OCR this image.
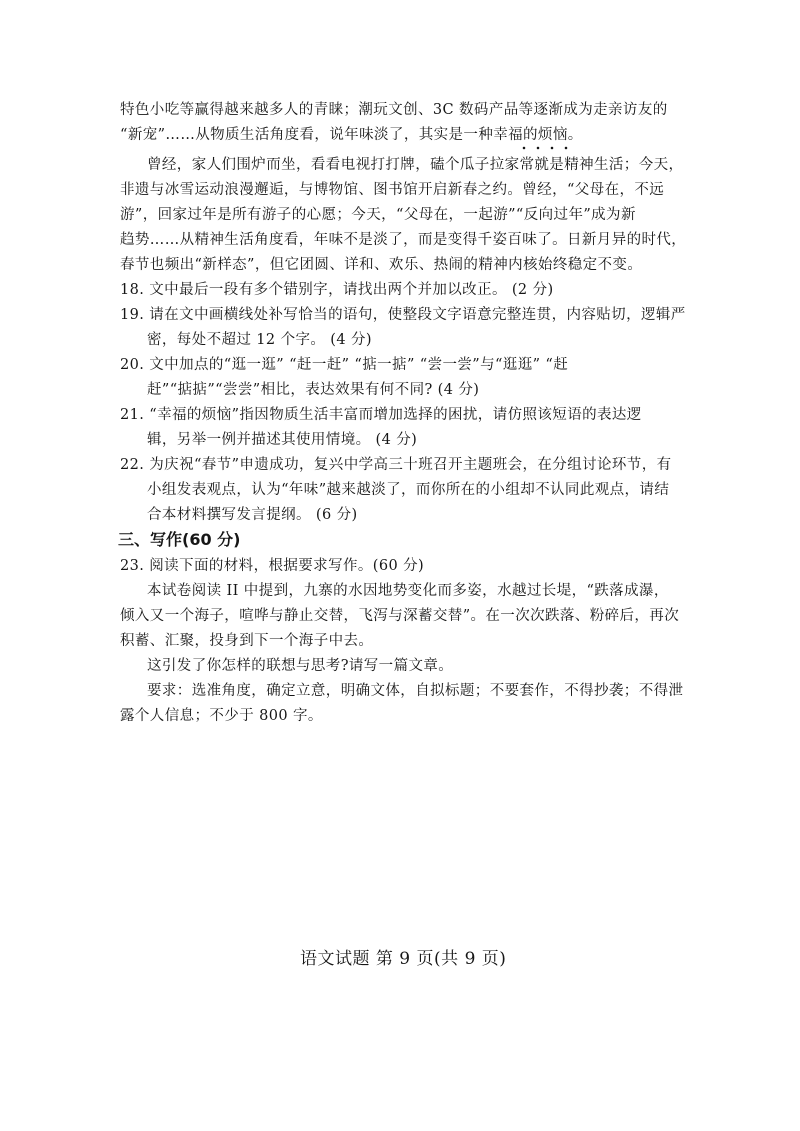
特色小吃等赢得越来越多人的青睐；潮玩文创、3C 数码产品等逐渐成为走亲访友的
“新宠”……从物质生活角度看，说年味淡了，其实是一种幸福的烦恼。
曾经，家人们围炉而坐，看看电视打打牌，磕个瓜子拉家常就是精神生活；今天，
非遗与冰雪运动浪漫邂逅，与博物馆、图书馆开启新春之约。曾经，“父母在，不远
游”，回家过年是所有游子的心愿；今天，“父母在，一起游”“反向过年”成为新
趋势……从精神生活角度看，年味不是淡了，而是变得千姿百味了。日新月异的时代，
春节也频出“新样态”，但它团圆、详和、欢乐、热闹的精神内核始终稳定不变。
18. 文中最后一段有多个错别字，请找出两个并加以改正。 (2 分)
19. 请在文中画横线处补写恰当的语句，使整段文字语意完整连贯，内容贴切，逻辑严
密，每处不超过 12 个字。 (4 分)
20. 文中加点的“逛一逛” “赶一赶” “掂一掂” “尝一尝”与“逛逛” “赶
赶”“掂掂”“尝尝”相比，表达效果有何不同? (4 分)
21. “幸福的烦恼”指因物质生活丰富而增加选择的困扰，请仿照该短语的表达逻
辑，另举一例并描述其使用情境。 (4 分)
22. 为庆祝“春节”申遗成功，复兴中学高三十班召开主题班会，在分组讨论环节，有
小组发表观点，认为“年味”越来越淡了，而你所在的小组却不认同此观点，请结
合本材料撰写发言提纲。 (6 分)
三、写作(60 分)
23. 阅读下面的材料，根据要求写作。(60 分)
本试卷阅读 II 中提到，九寨的水因地势变化而多姿，水越过长堤，“跌落成瀑，
倾入又一个海子，喧哗与静止交替，飞泻与深蓄交替”。在一次次跌落、粉碎后，再次
积蓄、汇聚，投身到下一个海子中去。
这引发了你怎样的联想与思考?请写一篇文章。
要求：选准角度，确定立意，明确文体，自拟标题；不要套作，不得抄袭；不得泄
露个人信息；不少于 800 字。
语文试题 第 9 页(共 9 页)
